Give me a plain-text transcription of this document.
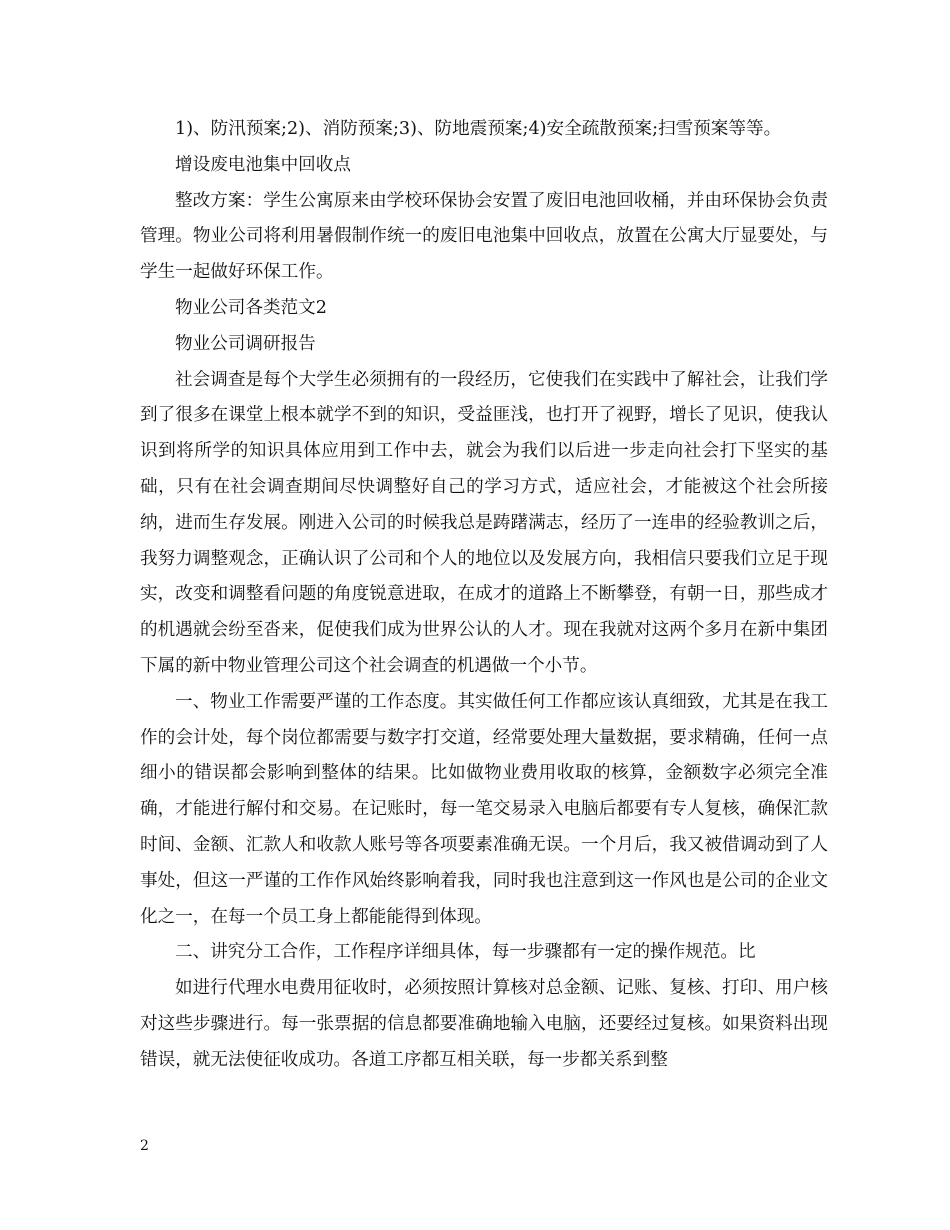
1)、防汛预案;2)、消防预案;3)、防地震预案;4)安全疏散预案;扫雪预案等等。

增设废电池集中回收点

整改方案：学生公寓原来由学校环保协会安置了废旧电池回收桶，并由环保协会负责管理。物业公司将利用暑假制作统一的废旧电池集中回收点，放置在公寓大厅显要处，与学生一起做好环保工作。

物业公司各类范文2

物业公司调研报告

社会调查是每个大学生必须拥有的一段经历，它使我们在实践中了解社会，让我们学到了很多在课堂上根本就学不到的知识，受益匪浅，也打开了视野，增长了见识，使我认识到将所学的知识具体应用到工作中去，就会为我们以后进一步走向社会打下坚实的基础，只有在社会调查期间尽快调整好自己的学习方式，适应社会，才能被这个社会所接纳，进而生存发展。刚进入公司的时候我总是踌躇满志，经历了一连串的经验教训之后，我努力调整观念，正确认识了公司和个人的地位以及发展方向，我相信只要我们立足于现实，改变和调整看问题的角度锐意进取，在成才的道路上不断攀登，有朝一日，那些成才的机遇就会纷至沓来，促使我们成为世界公认的人才。现在我就对这两个多月在新中集团下属的新中物业管理公司这个社会调查的机遇做一个小节。

一、物业工作需要严谨的工作态度。其实做任何工作都应该认真细致，尤其是在我工作的会计处，每个岗位都需要与数字打交道，经常要处理大量数据，要求精确，任何一点细小的错误都会影响到整体的结果。比如做物业费用收取的核算，金额数字必须完全准确，才能进行解付和交易。在记账时，每一笔交易录入电脑后都要有专人复核，确保汇款时间、金额、汇款人和收款人账号等各项要素准确无误。一个月后，我又被借调动到了人事处，但这一严谨的工作作风始终影响着我，同时我也注意到这一作风也是公司的企业文化之一，在每一个员工身上都能能得到体现。

二、讲究分工合作，工作程序详细具体，每一步骤都有一定的操作规范。比

如进行代理水电费用征收时，必须按照计算核对总金额、记账、复核、打印、用户核对这些步骤进行。每一张票据的信息都要准确地输入电脑，还要经过复核。如果资料出现错误，就无法使征收成功。各道工序都互相关联，每一步都关系到整

2
